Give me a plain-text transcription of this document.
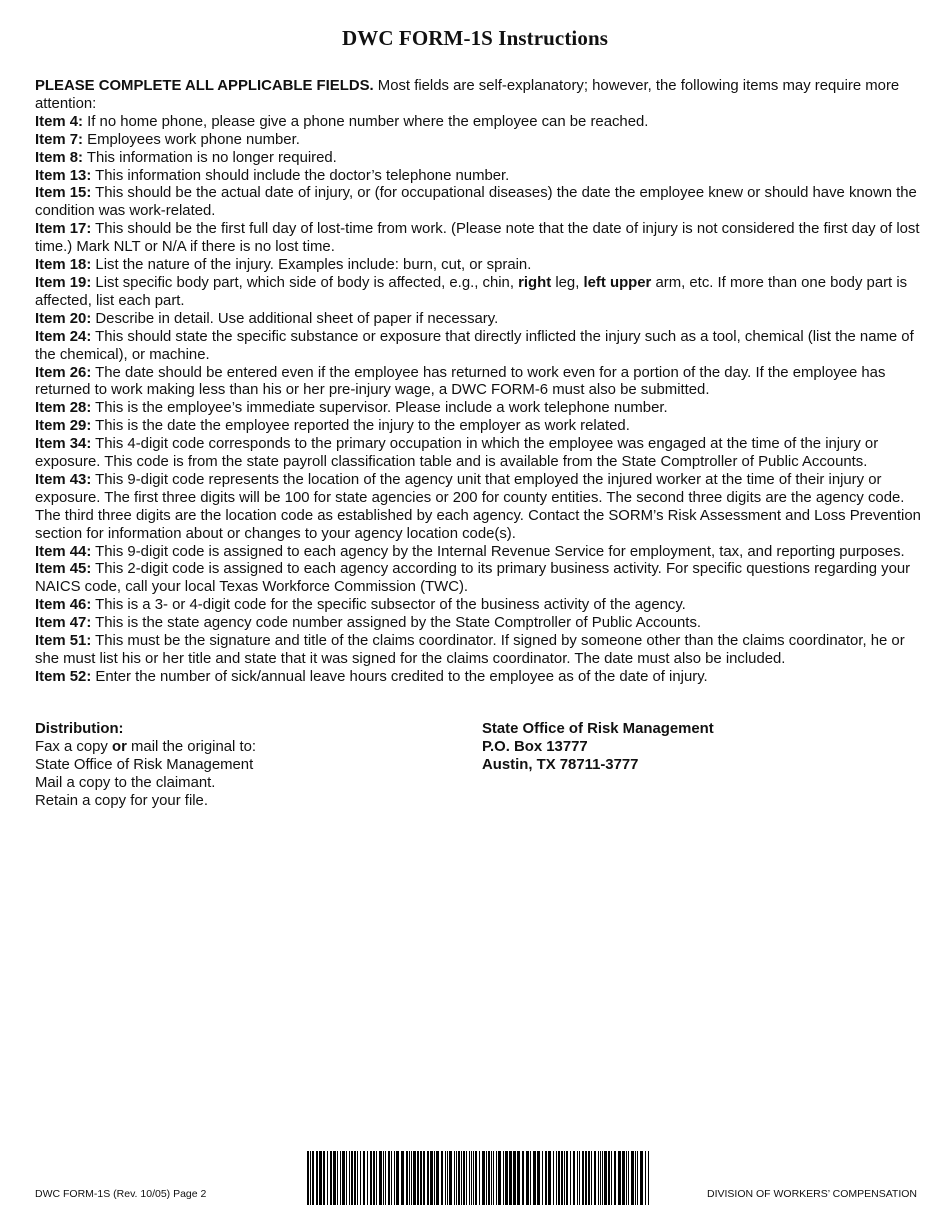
DWC FORM-1S Instructions

PLEASE COMPLETE ALL APPLICABLE FIELDS. Most fields are self-explanatory; however, the following items may require more attention:

Item 4: If no home phone, please give a phone number where the employee can be reached.

Item 7: Employees work phone number.

Item 8: This information is no longer required.

Item 13: This information should include the doctor’s telephone number.

Item 15: This should be the actual date of injury, or (for occupational diseases) the date the employee knew or should have known the condition was work-related.

Item 17: This should be the first full day of lost-time from work. (Please note that the date of injury is not considered the first day of lost time.) Mark NLT or N/A if there is no lost time.

Item 18: List the nature of the injury. Examples include: burn, cut, or sprain.

Item 19: List specific body part, which side of body is affected, e.g., chin, right leg, left upper arm, etc. If more than one body part is affected, list each part.

Item 20: Describe in detail. Use additional sheet of paper if necessary.

Item 24: This should state the specific substance or exposure that directly inflicted the injury such as a tool, chemical (list the name of the chemical), or machine.

Item 26: The date should be entered even if the employee has returned to work even for a portion of the day. If the employee has returned to work making less than his or her pre-injury wage, a DWC FORM-6 must also be submitted.

Item 28: This is the employee’s immediate supervisor. Please include a work telephone number.

Item 29: This is the date the employee reported the injury to the employer as work related.

Item 34: This 4-digit code corresponds to the primary occupation in which the employee was engaged at the time of the injury or exposure. This code is from the state payroll classification table and is available from the State Comptroller of Public Accounts.

Item 43: This 9-digit code represents the location of the agency unit that employed the injured worker at the time of their injury or exposure. The first three digits will be 100 for state agencies or 200 for county entities. The second three digits are the agency code. The third three digits are the location code as established by each agency. Contact the SORM’s Risk Assessment and Loss Prevention section for information about or changes to your agency location code(s).

Item 44: This 9-digit code is assigned to each agency by the Internal Revenue Service for employment, tax, and reporting purposes.

Item 45: This 2-digit code is assigned to each agency according to its primary business activity. For specific questions regarding your NAICS code, call your local Texas Workforce Commission (TWC).

Item 46: This is a 3- or 4-digit code for the specific subsector of the business activity of the agency.

Item 47: This is the state agency code number assigned by the State Comptroller of Public Accounts.

Item 51: This must be the signature and title of the claims coordinator. If signed by someone other than the claims coordinator, he or she must list his or her title and state that it was signed for the claims coordinator. The date must also be included.

Item 52: Enter the number of sick/annual leave hours credited to the employee as of the date of injury.

Distribution:
Fax a copy or mail the original to:
State Office of Risk Management
Mail a copy to the claimant.
Retain a copy for your file.
State Office of Risk Management
P.O. Box 13777
Austin, TX 78711-3777
DWC FORM-1S (Rev. 10/05) Page 2	DIVISION OF WORKERS’ COMPENSATION
